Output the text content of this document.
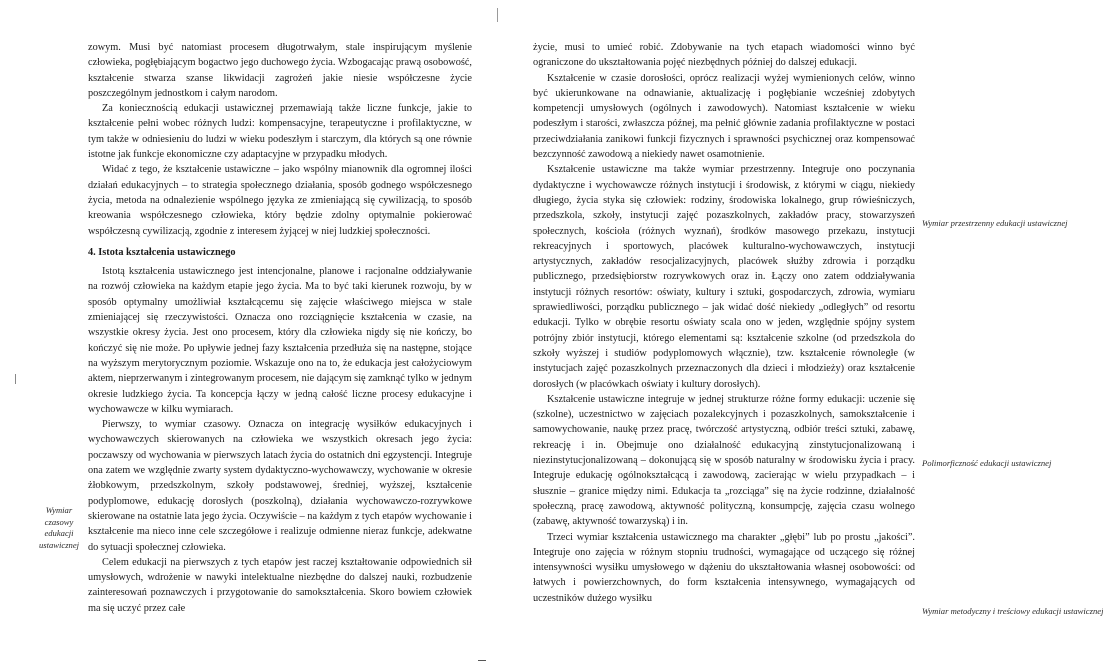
zowym. Musi być natomiast procesem długotrwałym, stale inspirującym myślenie człowieka, pogłębiającym bogactwo jego duchowego życia. Wzbogacając prawą osobowość, kształcenie stwarza szanse likwidacji zagrożeń jakie niesie współczesne życie poszczególnym jednostkom i całym narodom.

Za koniecznością edukacji ustawicznej przemawiają także liczne funkcje, jakie to kształcenie pełni wobec różnych ludzi: kompensacyjne, terapeutyczne i profilaktyczne, w tym także w odniesieniu do ludzi w wieku podeszłym i starczym, dla których są one równie istotne jak funkcje ekonomiczne czy adaptacyjne w przypadku młodych.

Widać z tego, że kształcenie ustawiczne – jako wspólny mianownik dla ogromnej ilości działań edukacyjnych – to strategia społecznego działania, sposób godnego współczesnego życia, metoda na odnalezienie wspólnego języka ze zmieniającą się cywilizacją, to sposób kreowania współczesnego człowieka, który będzie zdolny optymalnie pokierować współczesną cywilizacją, zgodnie z interesem żyjącej w niej ludzkiej społeczności.

4. Istota kształcenia ustawicznego

Istotą kształcenia ustawicznego jest intencjonalne, planowe i racjonalne oddziaływanie na rozwój człowieka na każdym etapie jego życia. Ma to być taki kierunek rozwoju, by w sposób optymalny umożliwiał kształcącemu się zajęcie właściwego miejsca w stale zmieniającej się rzeczywistości. Oznacza ono rozciągnięcie kształcenia w czasie, na wszystkie okresy życia. Jest ono procesem, który dla człowieka nigdy się nie kończy, bo kończyć się nie może. Po upływie jednej fazy kształcenia przedłuża się na następne, stojące na wyższym merytorycznym poziomie. Wskazuje ono na to, że edukacja jest całożyciowym aktem, nieprzerwanym i zintegrowanym procesem, nie dającym się zamknąć tylko w jednym okresie ludzkiego życia. Ta koncepcja łączy w jedną całość liczne procesy edukacyjne i wychowawcze w kilku wymiarach.

Pierwszy, to wymiar czasowy. Oznacza on integrację wysiłków edukacyjnych i wychowawczych skierowanych na człowieka we wszystkich okresach jego życia: poczawszy od wychowania w pierwszych latach życia do ostatnich dni egzystencji. Integruje ona zatem we względnie zwarty system dydaktyczno-wychowawczy, wychowanie w okresie żłobkowym, przedszkolnym, szkoły podstawowej, średniej, wyższej, kształcenie podyplomowe, edukację dorosłych (poszkolną), działania wychowawczo-rozrywkowe skierowane na ostatnie lata jego życia. Oczywiście – na każdym z tych etapów wychowanie i kształcenie ma nieco inne cele szczegółowe i realizuje odmienne nieraz funkcje, adekwatne do sytuacji społecznej człowieka.

Celem edukacji na pierwszych z tych etapów jest raczej kształtowanie odpowiednich sił umysłowych, wdrożenie w nawyki intelektualne niezbędne do dalszej nauki, rozbudzenie zainteresowań poznawczych i przygotowanie do samokształcenia. Skoro bowiem człowiek ma się uczyć przez całe

Wymiar czasowy edukacji ustawicznej

życie, musi to umieć robić. Zdobywanie na tych etapach wiadomości winno być ograniczone do ukształtowania pojęć niezbędnych później do dalszej edukacji.

Kształcenie w czasie dorosłości, oprócz realizacji wyżej wymienionych celów, winno być ukierunkowane na odnawianie, aktualizację i pogłębianie wcześniej zdobytych kompetencji umysłowych (ogólnych i zawodowych). Natomiast kształcenie w wieku podeszłym i starości, zwłaszcza późnej, ma pełnić głównie zadania profilaktyczne w postaci przeciwdziałania zanikowi funkcji fizycznych i sprawności psychicznej oraz kompensować bezczynność zawodową a niekiedy nawet osamotnienie.

Kształcenie ustawiczne ma także wymiar przestrzenny. Integruje ono poczynania dydaktyczne i wychowawcze różnych instytucji i środowisk, z którymi w ciągu, niekiedy długiego, życia styka się człowiek: rodziny, środowiska lokalnego, grup rówieśniczych, przedszkola, szkoły, instytucji zajęć pozaszkolnych, zakładów pracy, stowarzyszeń społecznych, kościoła (różnych wyznań), środków masowego przekazu, instytucji rekreacyjnych i sportowych, placówek kulturalno-wychowawczych, instytucji artystycznych, zakładów resocjalizacyjnych, placówek służby zdrowia i porządku publicznego, przedsiębiorstw rozrywkowych oraz in. Łączy ono zatem oddziaływania instytucji różnych resortów: oświaty, kultury i sztuki, gospodarczych, zdrowia, wymiaru sprawiedliwości, porządku publicznego – jak widać dość niekiedy „odległych” od resortu edukacji. Tylko w obrębie resortu oświaty scala ono w jeden, względnie spójny system potrójny zbiór instytucji, którego elementami są: kształcenie szkolne (od przedszkola do szkoły wyższej i studiów podyplomowych włącznie), tzw. kształcenie równoległe (w instytucjach zajęć pozaszkolnych przeznaczonych dla dzieci i młodzieży) oraz kształcenie dorosłych (w placówkach oświaty i kultury dorosłych).

Kształcenie ustawiczne integruje w jednej strukturze różne formy edukacji: uczenie się (szkolne), uczestnictwo w zajęciach pozalekcyjnych i pozaszkolnych, samokształcenie i samowychowanie, naukę przez pracę, twórczość artystyczną, odbiór treści sztuki, zabawę, rekreację i in. Obejmuje ono działalność edukacyjną zinstytucjonalizowaną i niezinstytucjonalizowaną – dokonującą się w sposób naturalny w środowisku życia i pracy. Integruje edukację ogólnokształcącą i zawodową, zacierając w wielu przypadkach – i słusznie – granice między nimi. Edukacja ta „rozciąga” się na życie rodzinne, działalność społeczną, pracę zawodową, aktywność polityczną, konsumpcję, zajęcia czasu wolnego (zabawę, aktywność towarzyską) i in.

Trzeci wymiar kształcenia ustawicznego ma charakter „głębi” lub po prostu „jakości”. Integruje ono zajęcia w różnym stopniu trudności, wymagające od uczącego się różnej intensywności wysiłku umysłowego w dążeniu do ukształtowania własnej osobowości: od łatwych i powierzchownych, do form kształcenia intensywnego, wymagających od uczestników dużego wysiłku

Wymiar przestrzenny edukacji ustawicznej
Polimorficzność edukacji ustawicznej
Wymiar metodyczny i treściowy edukacji ustawicznej
